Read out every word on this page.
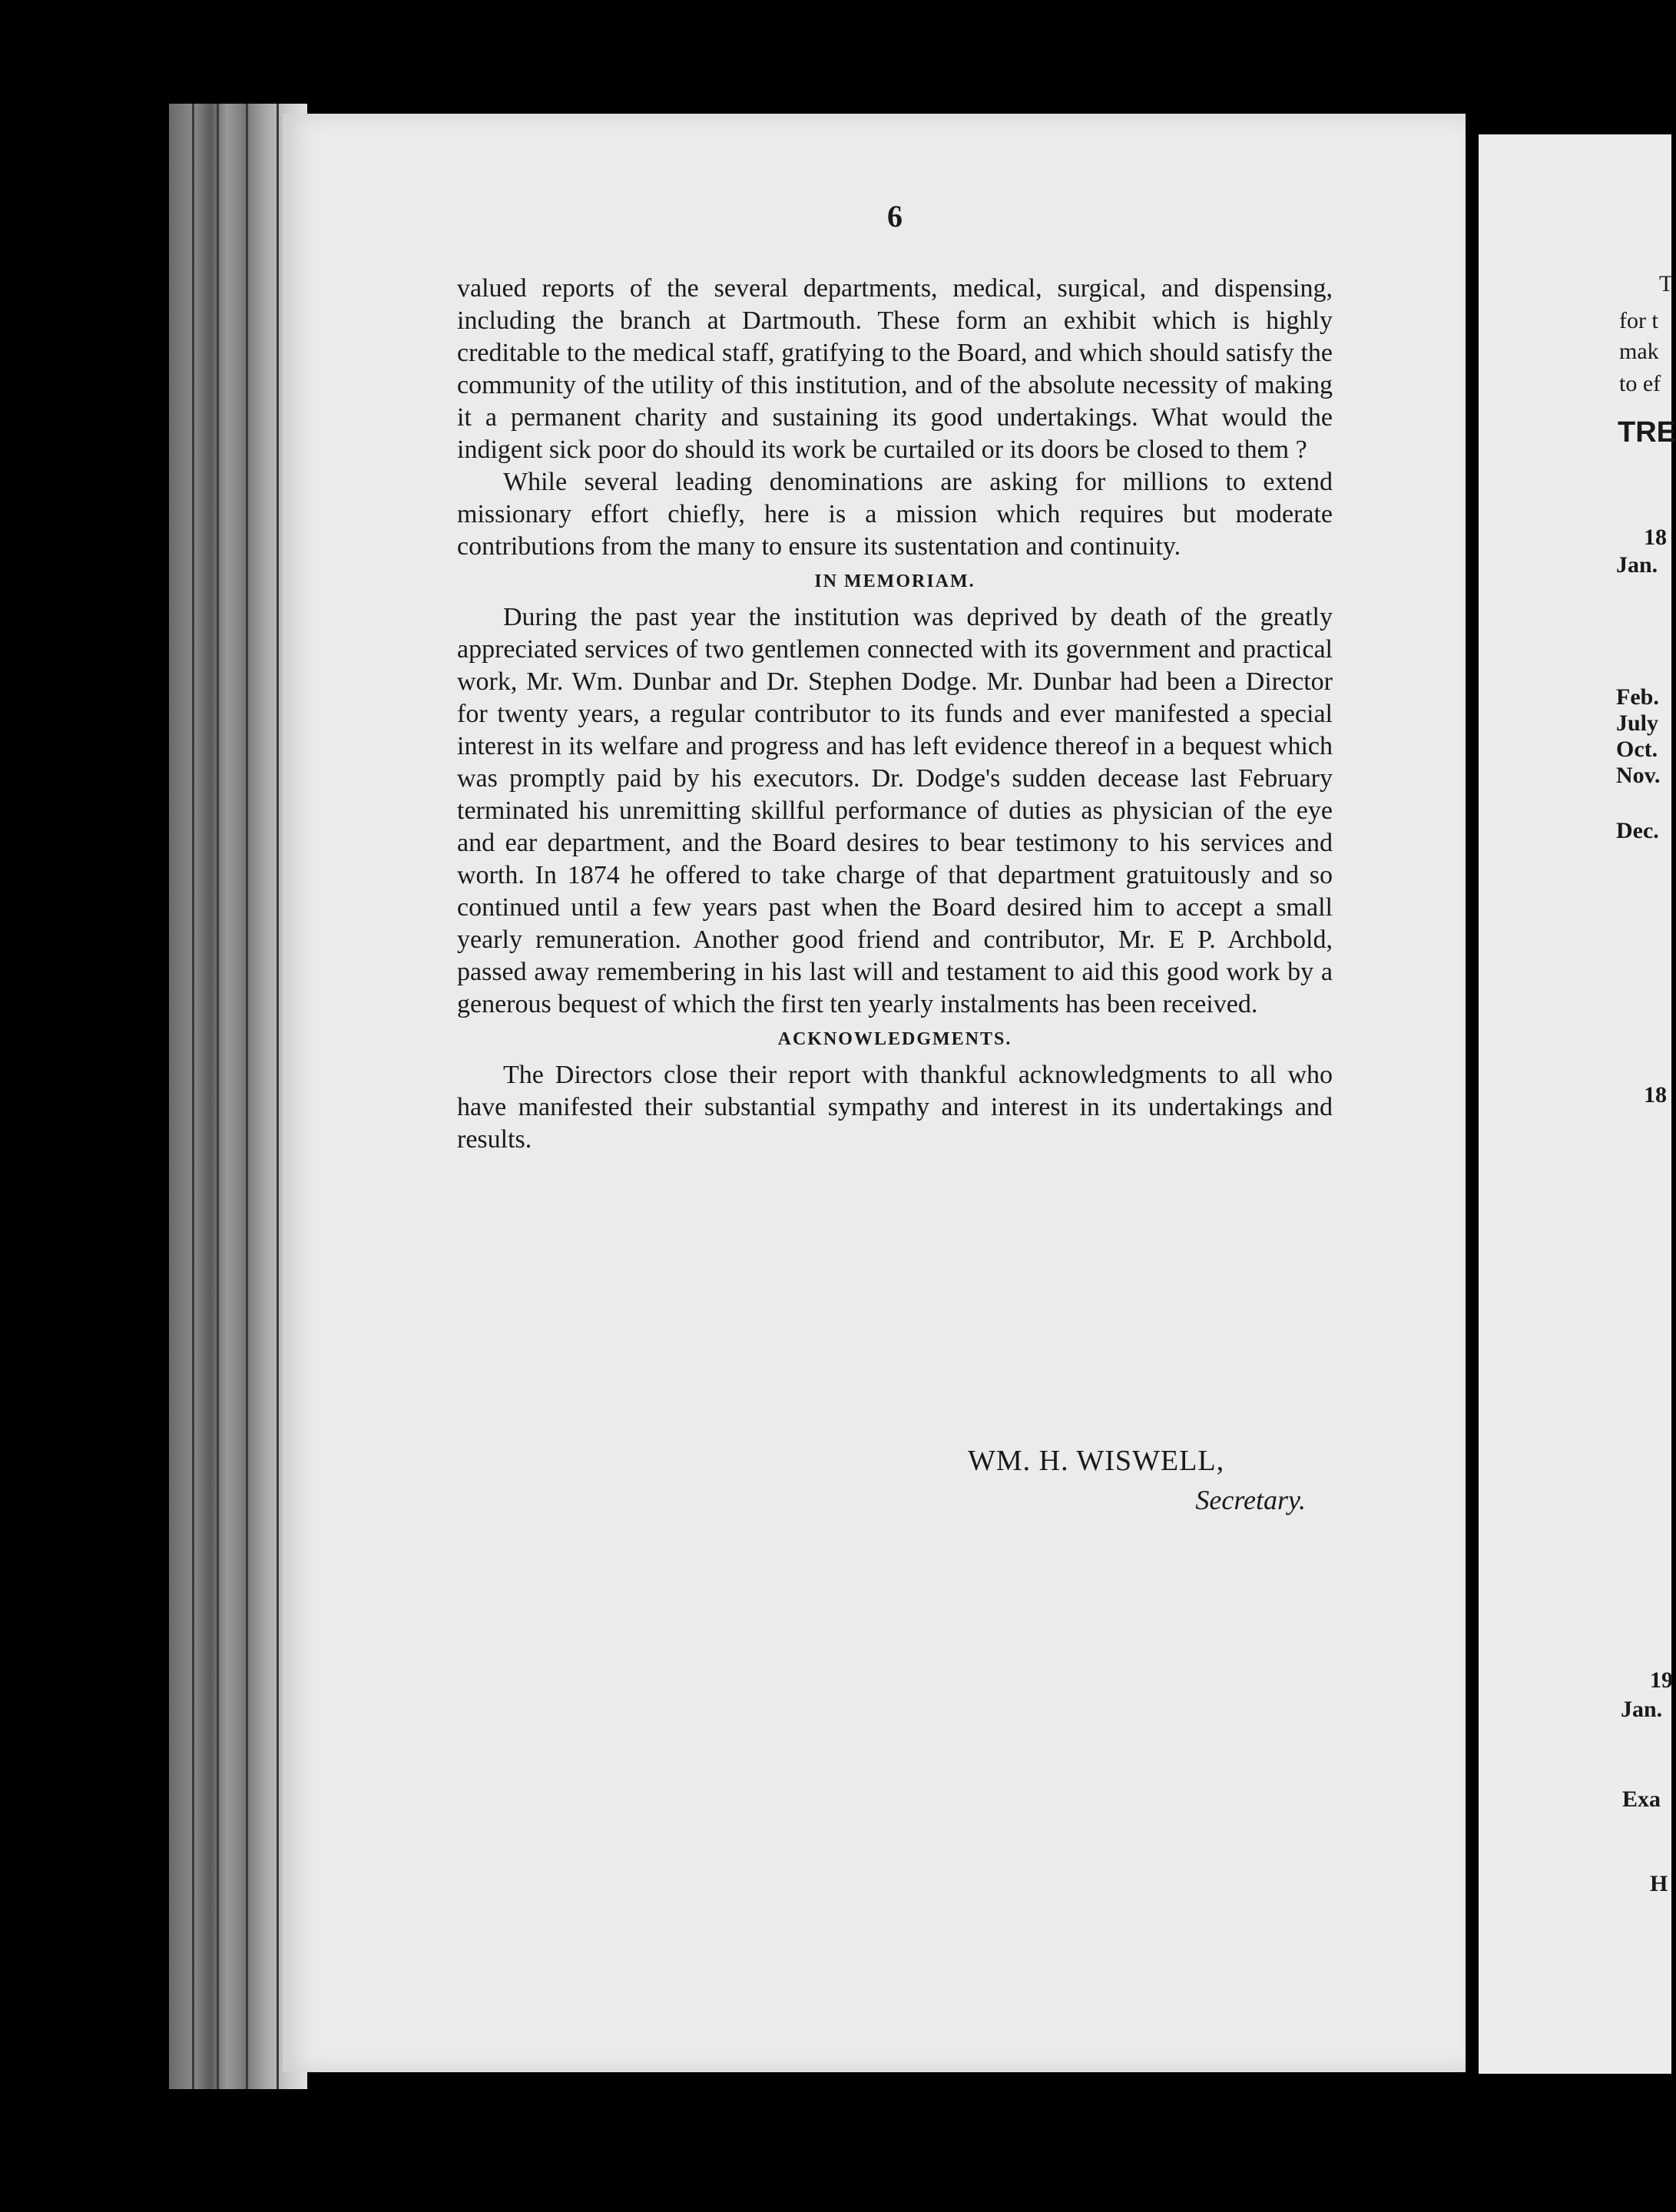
6

valued reports of the several departments, medical, surgical, and dispensing, including the branch at Dartmouth. These form an exhibit which is highly creditable to the medical staff, gratifying to the Board, and which should satisfy the community of the utility of this institution, and of the absolute necessity of making it a permanent charity and sustaining its good undertakings. What would the indigent sick poor do should its work be curtailed or its doors be closed to them ?

While several leading denominations are asking for millions to extend missionary effort chiefly, here is a mission which requires but moderate contributions from the many to ensure its sustentation and continuity.

IN MEMORIAM.

During the past year the institution was deprived by death of the greatly appreciated services of two gentlemen connected with its government and practical work, Mr. Wm. Dunbar and Dr. Stephen Dodge. Mr. Dunbar had been a Director for twenty years, a regular contributor to its funds and ever manifested a special interest in its welfare and progress and has left evidence thereof in a bequest which was promptly paid by his executors. Dr. Dodge's sudden decease last February terminated his unremitting skillful performance of duties as physician of the eye and ear department, and the Board desires to bear testimony to his services and worth. In 1874 he offered to take charge of that department gratuitously and so continued until a few years past when the Board desired him to accept a small yearly remuneration. Another good friend and contributor, Mr. E P. Archbold, passed away remembering in his last will and testament to aid this good work by a generous bequest of which the first ten yearly instalments has been received.

ACKNOWLEDGMENTS.

The Directors close their report with thankful acknowledgments to all who have manifested their substantial sympathy and interest in its undertakings and results.

WM. H. WISWELL,
Secretary.
T
for t
mak
to ef
TRE
18
Jan.
Feb.
July
Oct.
Nov.
Dec.
18
19
Jan.
Exa
H
